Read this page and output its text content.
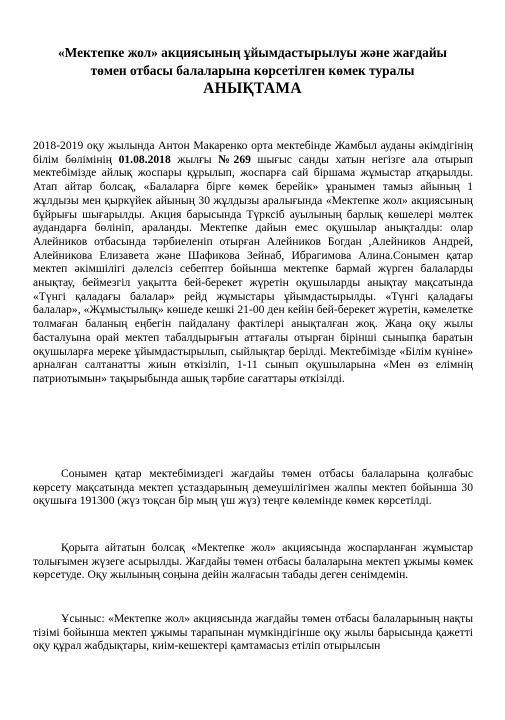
«Мектепке жол» акциясының ұйымдастырылуы және жағдайы
төмен отбасы балаларына көрсетілген көмек туралы
АНЫҚТАМА
2018-2019 оқу жылында Антон Макаренко орта мектебінде Жамбыл ауданы әкімдігінің білім бөлімінің 01.08.2018 жылғы №269 шығыс санды хатын негізге ала отырып мектебімізде айлық жоспары құрылып, жоспарға сай біршама жұмыстар атқарылды. Атап айтар болсақ, «Балаларға бірге көмек берейік» ұранымен тамыз айының 1 жұлдызы мен қыркүйек айының 30 жұлдызы аралығында «Мектепке жол» акциясының бұйрығы шығарылды. Акция барысында Түрксіб ауылының барлық көшелері мөлтек аудандарға бөлініп, араланды. Мектепке дайын емес оқушылар анықталды: олар Алейников отбасында тәрбиеленіп отырған Алейников Богдан ,Алейников Андрей, Алейникова Елизавета және Шафикова Зейнаб, Ибрагимова Алина.Сонымен қатар мектеп әкімшілігі дәлелсіз себептер бойынша мектепке бармай жүрген балаларды анықтау, беймезгіл уақытта бей-берекет жүретін оқушыларды анықтау мақсатында «Түнгі қаладағы балалар» рейд жұмыстары ұйымдастырылды. «Түнгі қаладағы балалар», «Жұмыстылық» көшеде кешкі 21-00 ден кейін бей-берекет жүретін, кәмелетке толмаған баланың еңбегін пайдалану фактілері анықталған жоқ. Жаңа оқу жылы басталуына орай мектеп табалдырығын аттағалы отырған бірінші сыныпқа баратын оқушыларға мереке ұйымдастырылып, сыйлықтар берілді. Мектебімізде «Білім күніне» арналған салтанатты жиын өткізіліп, 1-11 сынып оқушыларына «Мен өз елімнің патриотымын» тақырыбында ашық тәрбие сағаттары өткізілді.
Сонымен қатар мектебімиздегі жағдайы төмен отбасы балаларына қолғабыс көрсету мақсатында мектеп ұстаздарының демеушілігімен жалпы мектеп бойынша 30 оқушыға 191300 (жүз тоқсан бір мың үш жүз) теңге көлемінде көмек көрсетілді.
Қорыта айтатын болсақ «Мектепке жол» акциясында жоспарланған жұмыстар толығымен жүзеге асырылды. Жағдайы төмен отбасы балаларына мектеп ұжымы көмек көрсетуде. Оқу жылының соңына дейін жалғасын табады деген сенімдемін.
Ұсыныс: «Мектепке жол» акциясында жағдайы төмен отбасы балаларының нақты тізімі бойынша мектеп ұжымы тарапынан мүмкіндігінше оқу жылы барысында қажетті оқу құрал жабдықтары, киім-кешектері қамтамасыз етіліп отырылсын
